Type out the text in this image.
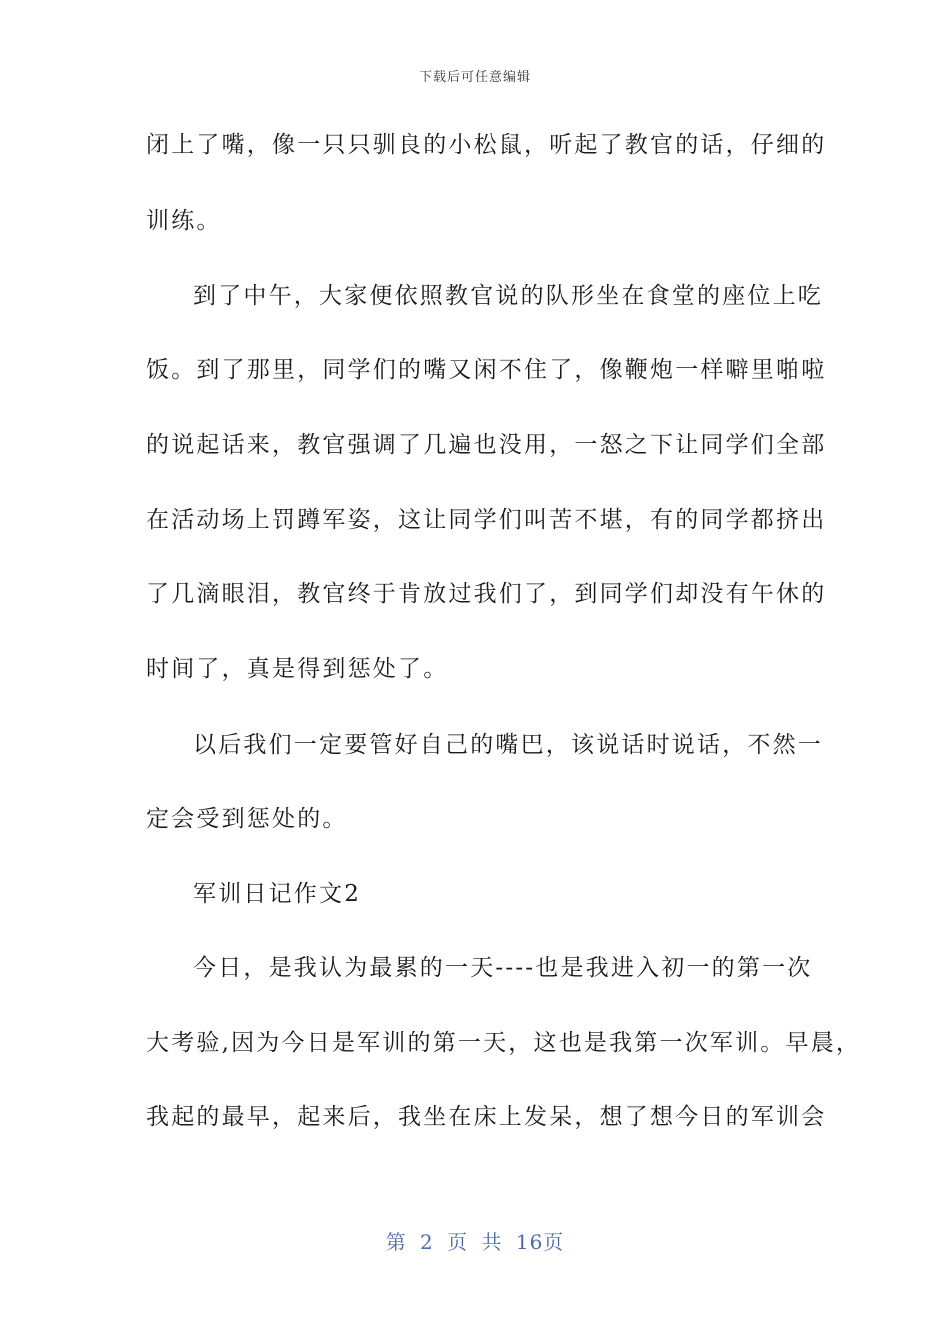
下载后可任意编辑
闭上了嘴，像一只只驯良的小松鼠，听起了教官的话，仔细的
训练。
到了中午，大家便依照教官说的队形坐在食堂的座位上吃
饭。到了那里，同学们的嘴又闲不住了，像鞭炮一样噼里啪啦
的说起话来，教官强调了几遍也没用，一怒之下让同学们全部
在活动场上罚蹲军姿，这让同学们叫苦不堪，有的同学都挤出
了几滴眼泪，教官终于肯放过我们了，到同学们却没有午休的
时间了，真是得到惩处了。
以后我们一定要管好自己的嘴巴，该说话时说话，不然一
定会受到惩处的。
军训日记作文2
今日，是我认为最累的一天----也是我进入初一的第一次
大考验,因为今日是军训的第一天，这也是我第一次军训。早晨，
我起的最早，起来后，我坐在床上发呆，想了想今日的军训会
第 2 页 共 16页
